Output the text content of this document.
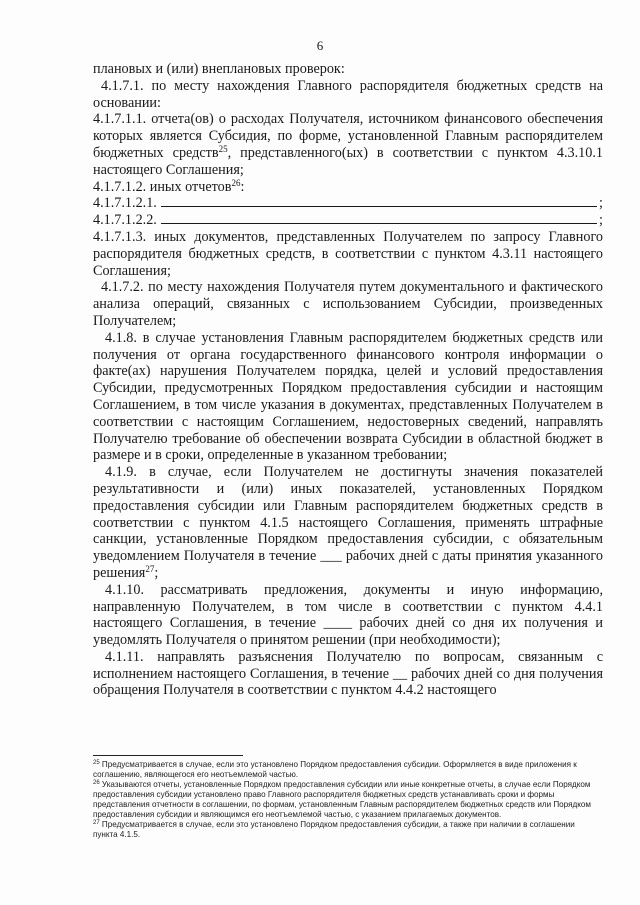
6

плановых и (или) внеплановых проверок:

4.1.7.1. по месту нахождения Главного распорядителя бюджетных средств на основании:

4.1.7.1.1. отчета(ов) о расходах Получателя, источником финансового обеспечения которых является Субсидия, по форме, установленной Главным распорядителем бюджетных средств$^{25}$, представленного(ых) в соответствии с пунктом 4.3.10.1 настоящего Соглашения;

4.1.7.1.2. иных отчетов$^{26}$:

4.1.7.1.2.1.	;
4.1.7.1.2.2.	;

4.1.7.1.3. иных документов, представленных Получателем по запросу Главного распорядителя бюджетных средств, в соответствии с пунктом 4.3.11 настоящего Соглашения;

4.1.7.2. по месту нахождения Получателя путем документального и фактического анализа операций, связанных с использованием Субсидии, произведенных Получателем;

4.1.8. в случае установления Главным распорядителем бюджетных средств или получения от органа государственного финансового контроля информации о факте(ах) нарушения Получателем порядка, целей и условий предоставления Субсидии, предусмотренных Порядком предоставления субсидии и настоящим Соглашением, в том числе указания в документах, представленных Получателем в соответствии с настоящим Соглашением, недостоверных сведений, направлять Получателю требование об обеспечении возврата Субсидии в областной бюджет в размере и в сроки, определенные в указанном требовании;

4.1.9. в случае, если Получателем не достигнуты значения показателей результативности и (или) иных показателей, установленных Порядком предоставления субсидии или Главным распорядителем бюджетных средств в соответствии с пунктом 4.1.5 настоящего Соглашения, применять штрафные санкции, установленные Порядком предоставления субсидии, с обязательным уведомлением Получателя в течение ___ рабочих дней с даты принятия указанного решения$^{27}$;

4.1.10. рассматривать предложения, документы и иную информацию, направленную Получателем, в том числе в соответствии с пунктом 4.4.1 настоящего Соглашения, в течение ____ рабочих дней со дня их получения и уведомлять Получателя о принятом решении (при необходимости);

4.1.11. направлять разъяснения Получателю по вопросам, связанным с исполнением настоящего Соглашения, в течение __ рабочих дней со дня получения обращения Получателя в соответствии с пунктом 4.4.2 настоящего

$^{25}$ Предусматривается в случае, если это установлено Порядком предоставления субсидии. Оформляется в виде приложения к соглашению, являющегося его неотъемлемой частью.

$^{26}$ Указываются отчеты, установленные Порядком предоставления субсидии или иные конкретные отчеты, в случае если Порядком предоставления субсидии установлено право Главного распорядителя бюджетных средств устанавливать сроки и формы представления отчетности в соглашении, по формам, установленным Главным распорядителем бюджетных средств или Порядком предоставления субсидии и являющимся его неотъемлемой частью, с указанием прилагаемых документов.

$^{27}$ Предусматривается в случае, если это установлено Порядком предоставления субсидии, а также при наличии в соглашении пункта 4.1.5.
